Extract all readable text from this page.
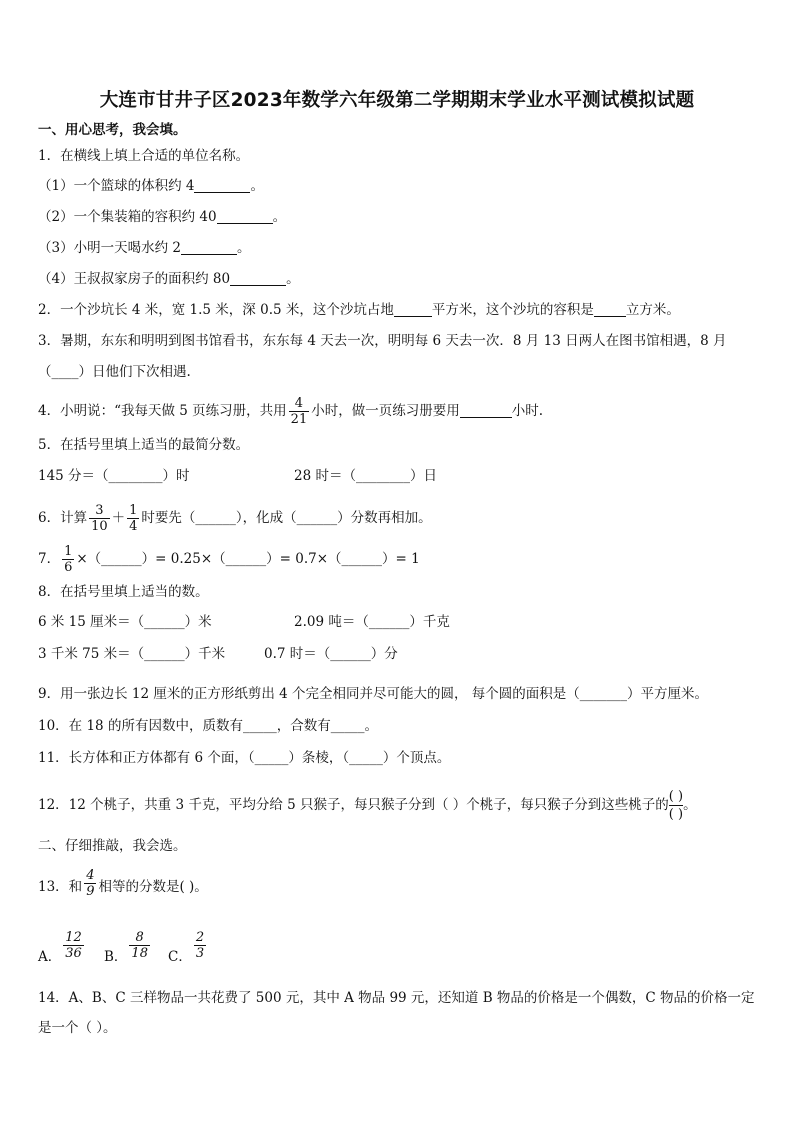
大连市甘井子区2023年数学六年级第二学期期末学业水平测试模拟试题
一、用心思考，我会填。
1．在横线上填上合适的单位名称。
（1）一个篮球的体积约 4	。
（2）一个集装箱的容积约 40	。
（3）小明一天喝水约 2	。
（4）王叔叔家房子的面积约 80	。
2．一个沙坑长 4 米，宽 1.5 米，深 0.5 米，这个沙坑占地	平方米，这个沙坑的容积是 立方米。
3．暑期，东东和明明到图书馆看书，东东每 4 天去一次，明明每 6 天去一次．8 月 13 日两人在图书馆相遇，8 月
（____）日他们下次相遇.
4．小明说：“我每天做 5 页练习册，共用 $\frac{4}{21}$ 小时，做一页练习册要用	小时.
5．在括号里填上适当的最简分数。
145 分＝（________）时	28 时＝（________）日
6．计算 $\frac{3}{10} + \frac{1}{4}$ 时要先（______），化成（______）分数再相加。
7． $\frac{1}{6}$ ×（______）= 0.25×（______）= 0.7×（______）= 1
8．在括号里填上适当的数。
6 米 15 厘米＝（______）米	2.09 吨＝（______）千克
3 千米 75 米＝（______）千米	0.7 时＝（______）分
9．用一张边长 12 厘米的正方形纸剪出 4 个完全相同并尽可能大的圆， 每个圆的面积是（_______）平方厘米。
10．在 18 的所有因数中，质数有_____，合数有_____。
11．长方体和正方体都有 6 个面，（_____）条棱，（_____）个顶点。
12．12 个桃子，共重 3 千克，平均分给 5 只猴子，每只猴子分到（ ）个桃子，每只猴子分到这些桃子的 $\frac{( )}{( )}$ 。
二、仔细推敲，我会选。
13．和 $\frac{4}{9}$ 相等的分数是( )。
A． $\frac{12}{36}$ B． $\frac{8}{18}$ C． $\frac{2}{3}$
14．A、B、C 三样物品一共花费了 500 元，其中 A 物品 99 元，还知道 B 物品的价格是一个偶数，C 物品的价格一定
是一个（ ）。
